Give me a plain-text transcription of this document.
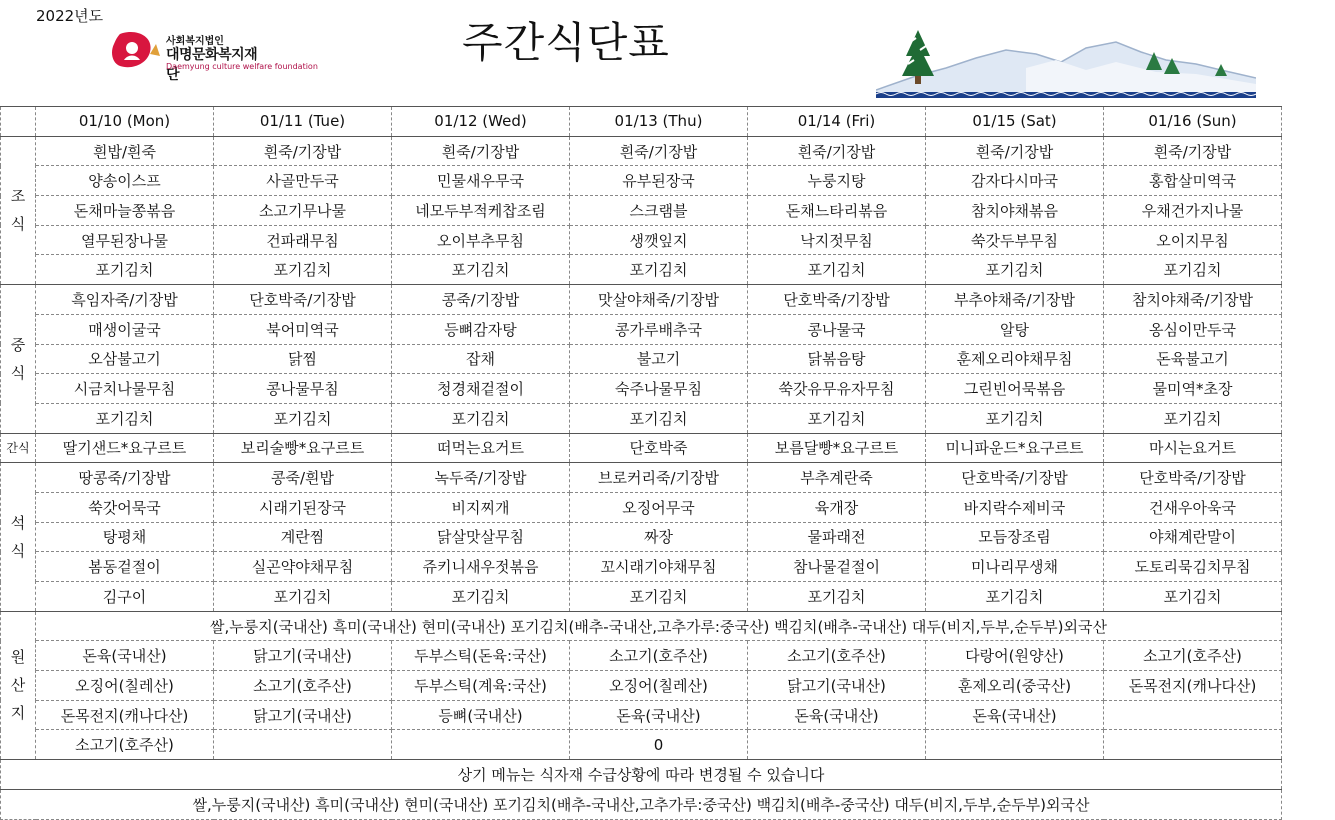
2022년도
사회복지법인
대명문화복지재단
Daemyung culture welfare foundation	주간식단표
	01/10 (Mon)	01/11 (Tue)	01/12 (Wed)	01/13 (Thu)	01/14 (Fri)	01/15 (Sat)	01/16 (Sun)

조
식	흰밥/흰죽	흰죽/기장밥	흰죽/기장밥	흰죽/기장밥	흰죽/기장밥	흰죽/기장밥	흰죽/기장밥
	양송이스프	사골만두국	민물새우무국	유부된장국	누룽지탕	감자다시마국	홍합살미역국
	돈채마늘쫑볶음	소고기무나물	네모두부적케찹조림	스크램블	돈채느타리볶음	참치야채볶음	우채건가지나물
	열무된장나물	건파래무침	오이부추무침	생깻잎지	낙지젓무침	쑥갓두부무침	오이지무침
	포기김치	포기김치	포기김치	포기김치	포기김치	포기김치	포기김치

중
식	흑임자죽/기장밥	단호박죽/기장밥	콩죽/기장밥	맛살야채죽/기장밥	단호박죽/기장밥	부추야채죽/기장밥	참치야채죽/기장밥
	매생이굴국	북어미역국	등뼈감자탕	콩가루배추국	콩나물국	알탕	옹심이만두국
	오삼불고기	닭찜	잡채	불고기	닭볶음탕	훈제오리야채무침	돈육불고기
	시금치나물무침	콩나물무침	청경채겉절이	숙주나물무침	쑥갓유무유자무침	그린빈어묵볶음	물미역*초장
	포기김치	포기김치	포기김치	포기김치	포기김치	포기김치	포기김치
간식	딸기샌드*요구르트	보리술빵*요구르트	떠먹는요거트	단호박죽	보름달빵*요구르트	미니파운드*요구르트	마시는요거트

석
식	땅콩죽/기장밥	콩죽/흰밥	녹두죽/기장밥	브로커리죽/기장밥	부추계란죽	단호박죽/기장밥	단호박죽/기장밥
	쑥갓어묵국	시래기된장국	비지찌개	오징어무국	육개장	바지락수제비국	건새우아욱국
	탕평채	계란찜	닭살맛살무침	짜장	물파래전	모듬장조림	야채계란말이
	봄동겉절이	실곤약야채무침	쥬키니새우젓볶음	꼬시래기야채무침	참나물겉절이	미나리무생채	도토리묵김치무침
	김구이	포기김치	포기김치	포기김치	포기김치	포기김치	포기김치

원
산
지	쌀,누룽지(국내산) 흑미(국내산) 현미(국내산) 포기김치(배추-국내산,고추가루:중국산) 백김치(배추-국내산) 대두(비지,두부,순두부)외국산						
	돈육(국내산)	닭고기(국내산)	두부스틱(돈육:국산)	소고기(호주산)	소고기(호주산)	다랑어(원양산)	소고기(호주산)
	오징어(칠레산)	소고기(호주산)	두부스틱(계육:국산)	오징어(칠레산)	닭고기(국내산)	훈제오리(중국산)	돈목전지(캐나다산)
	돈목전지(캐나다산)	닭고기(국내산)	등뼈(국내산)	돈육(국내산)	돈육(국내산)	돈육(국내산)	
	소고기(호주산)			0			
상기 메뉴는 식자재 수급상황에 따라 변경될 수 있습니다							
쌀,누룽지(국내산) 흑미(국내산) 현미(국내산) 포기김치(배추-국내산,고추가루:중국산) 백김치(배추-중국산) 대두(비지,두부,순두부)외국산							
